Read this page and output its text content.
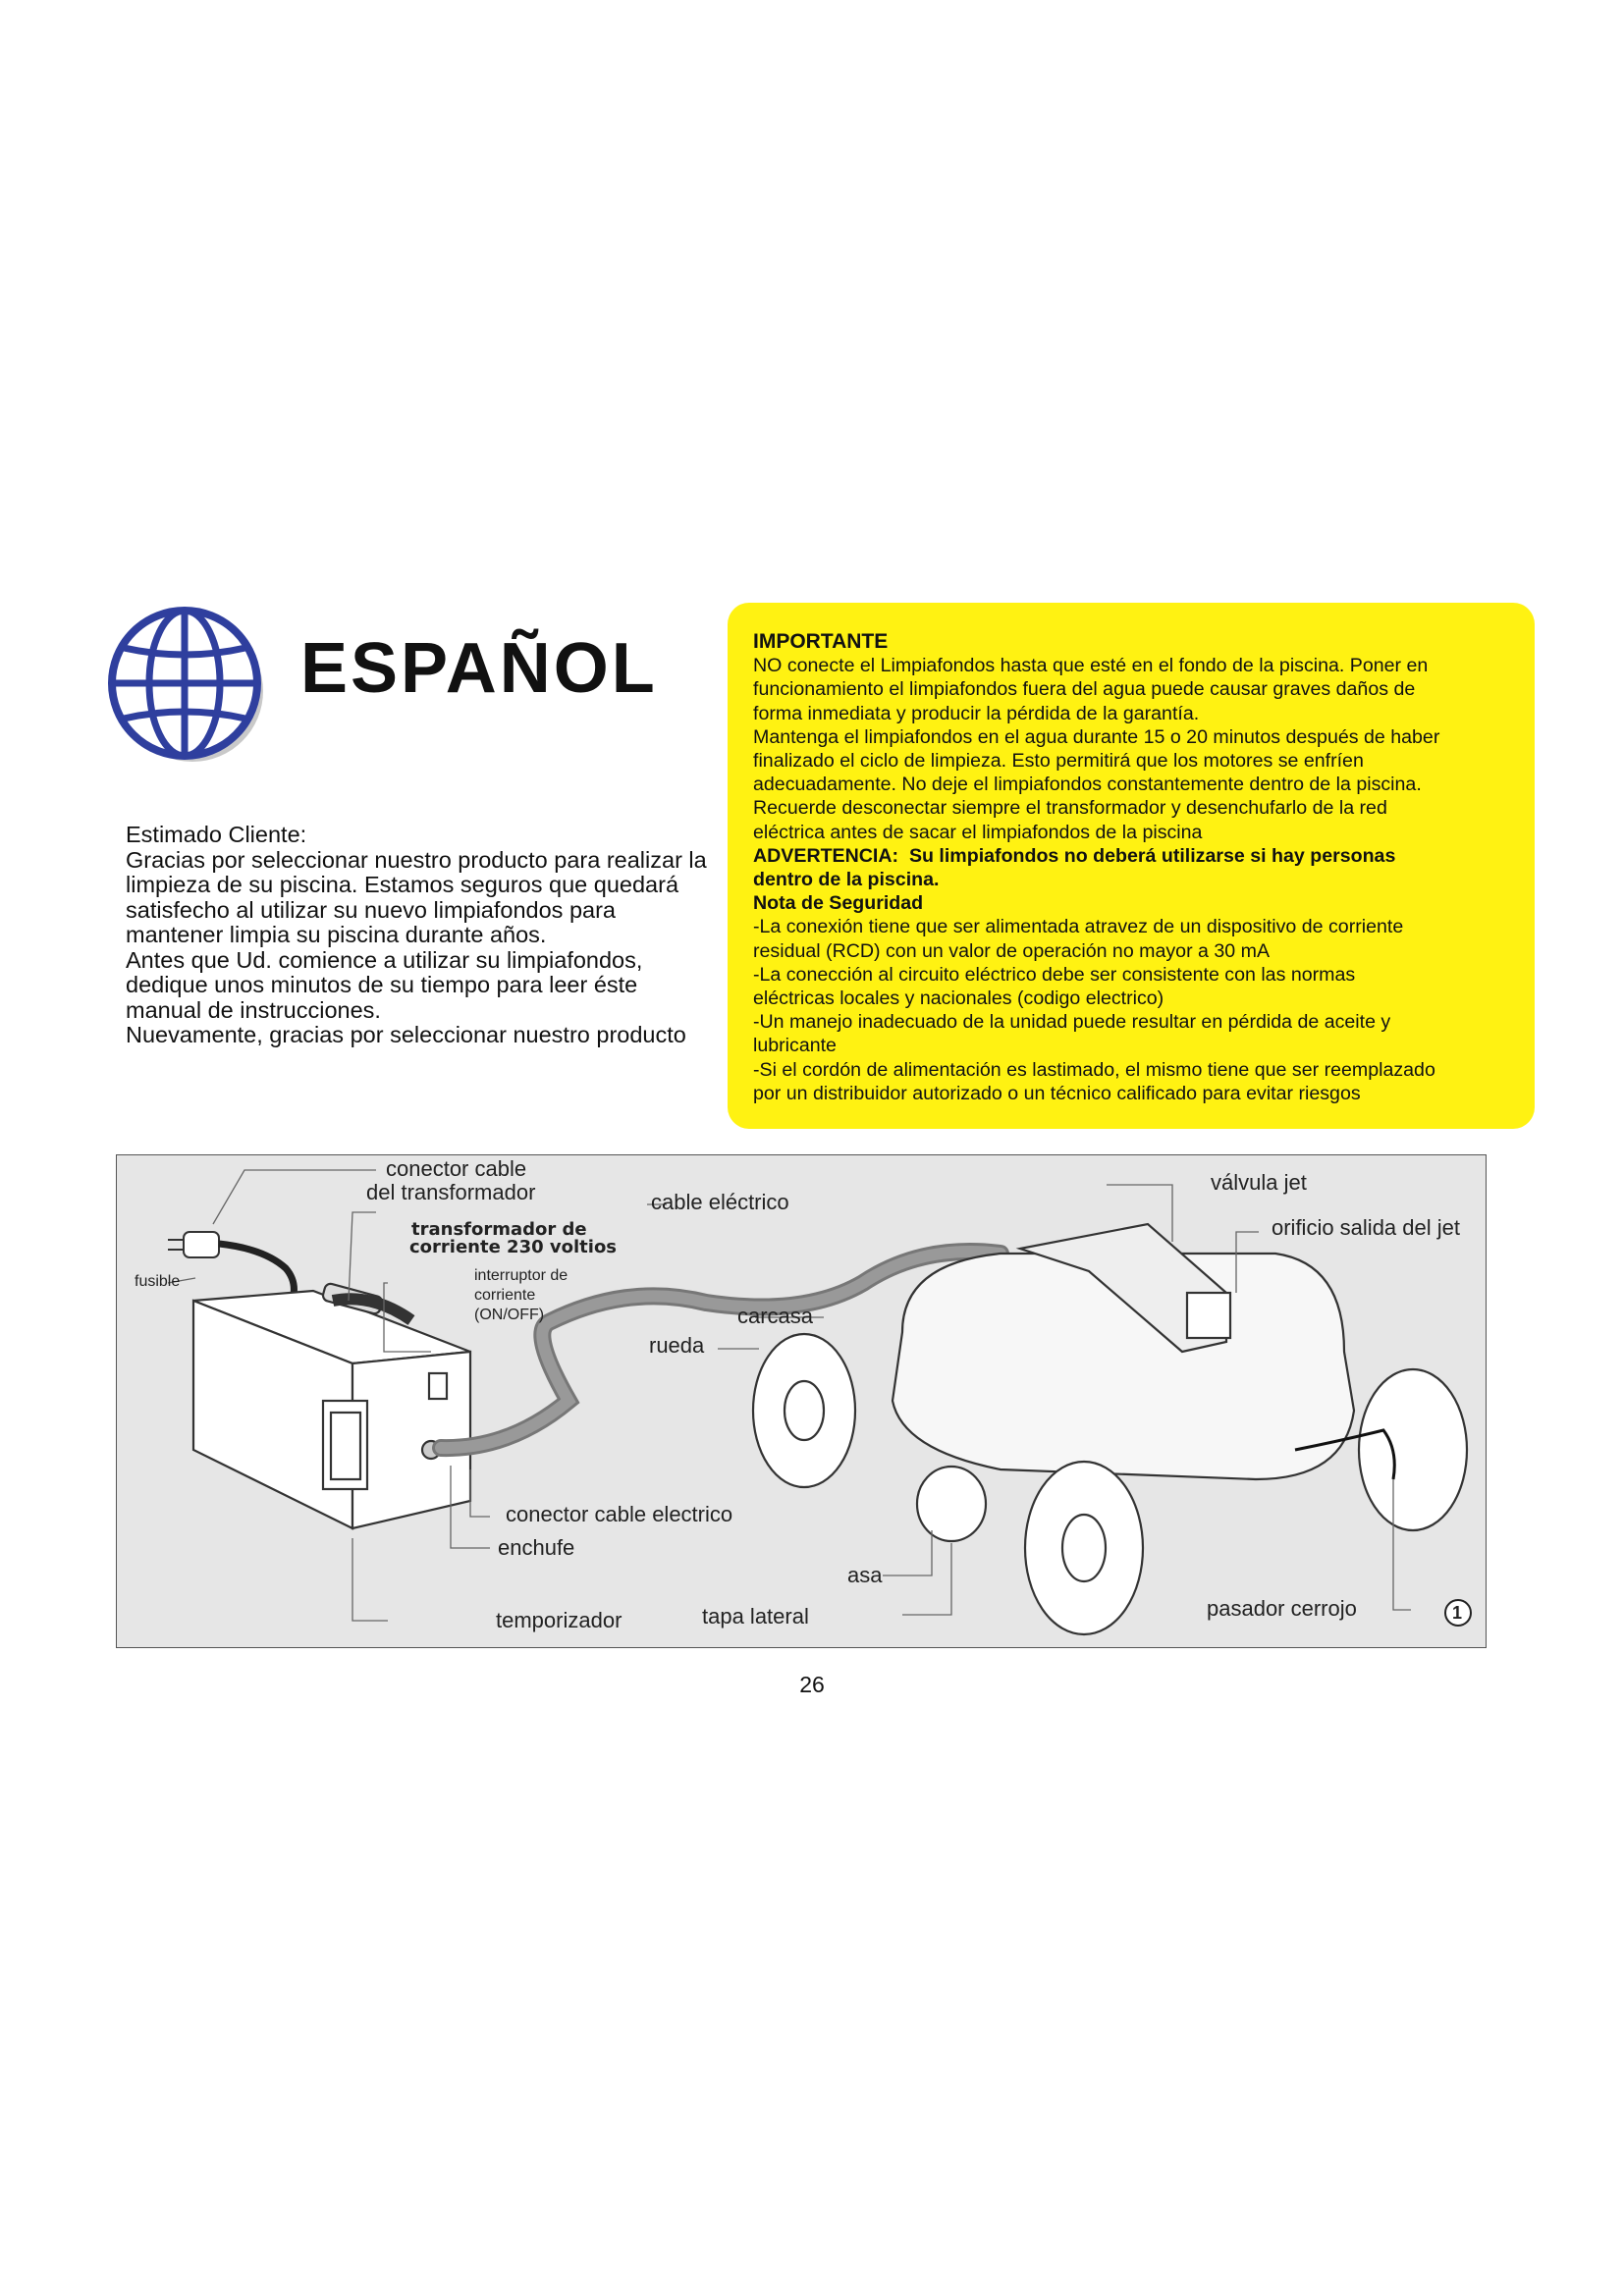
ESPAÑOL

Estimado Cliente:

Gracias por seleccionar nuestro producto para realizar la

limpieza de su piscina. Estamos seguros que quedará

satisfecho al utilizar su nuevo limpiafondos para

mantener limpia su piscina durante años.

Antes que Ud. comience a utilizar su limpiafondos,

dedique unos minutos de su tiempo para leer éste

manual de instrucciones.

Nuevamente, gracias por seleccionar nuestro producto

IMPORTANTE

NO conecte el Limpiafondos hasta que esté en el fondo de la piscina. Poner en

funcionamiento el limpiafondos fuera del agua puede causar graves daños de

forma inmediata y producir la pérdida de la garantía.

Mantenga el limpiafondos en el agua durante 15 o 20 minutos después de haber

finalizado el ciclo de limpieza. Esto permitirá que los motores se enfríen

adecuadamente. No deje el limpiafondos constantemente dentro de la piscina.

Recuerde desconectar siempre el transformador y desenchufarlo de la red

eléctrica antes de sacar el limpiafondos de la piscina

ADVERTENCIA: Su limpiafondos no deberá utilizarse si hay personas

dentro de la piscina.

Nota de Seguridad

-La conexión tiene que ser alimentada atravez de un dispositivo de corriente

residual (RCD) con un valor de operación no mayor a 30 mA

-La conección al circuito eléctrico debe ser consistente con las normas

eléctricas locales y nacionales (codigo electrico)

-Un manejo inadecuado de la unidad puede resultar en pérdida de aceite y

lubricante

-Si el cordón de alimentación es lastimado, el mismo tiene que ser reemplazado

por un distribuidor autorizado o un técnico calificado para evitar riesgos

conector cable
del transformador
transformador de
corriente 230 voltios
fusible	interruptor de
corriente
(ON/OFF)
cable eléctrico
carcasa
rueda
válvula jet
orificio salida del jet
conector cable electrico
enchufe
asa
temporizador	tapa lateral	pasador cerrojo	1
26
